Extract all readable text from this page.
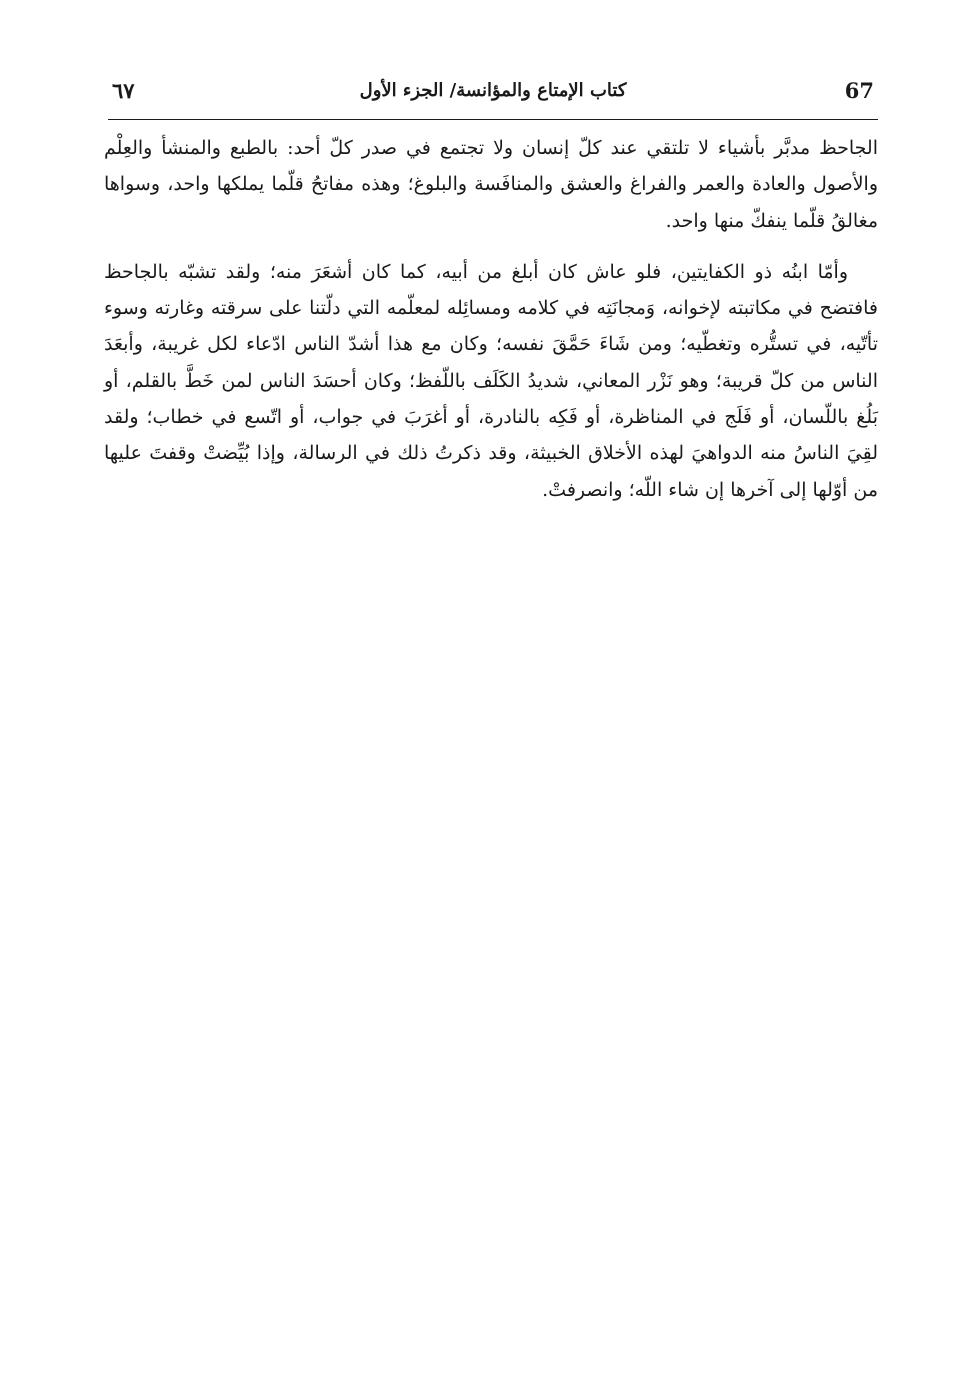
67
كتاب الإمتاع والمؤانسة/ الجزء الأول
٦٧

الجاحظ مدبَّر بأشياء لا تلتقي عند كلّ إنسان ولا تجتمع في صدر كلّ أحد: بالطبع والمنشأ والعِلْم والأصول والعادة والعمر والفراغ والعشق والمنافَسة والبلوغ؛ وهذه مفاتحُ قلّما يملكها واحد، وسواها مغالقُ قلّما ينفكّ منها واحد.

وأمّا ابنُه ذو الكفايتين، فلو عاش كان أبلغ من أبيه، كما كان أشعَرَ منه؛ ولقد تشبّه بالجاحظ فافتضح في مكاتبته لإخوانه، وَمجانَتِه في كلامه ومسائِله لمعلّمه التي دلّتنا على سرقته وغارته وسوء تأتّيه، في تستُّره وتغطّيه؛ ومن شَاءَ حَمَّقَ نفسه؛ وكان مع هذا أشدّ الناس ادّعاء لكل غريبة، وأبعَدَ الناس من كلّ قريبة؛ وهو نَزْر المعاني، شديدُ الكَلَف باللّفظ؛ وكان أحسَدَ الناس لمن خَطَّ بالقلم، أو بَلُغ باللّسان، أو فَلَج في المناظرة، أو فَكِه بالنادرة، أو أغرَبَ في جواب، أو اتّسع في خطاب؛ ولقد لقِيَ الناسُ منه الدواهيَ لهذه الأخلاق الخبيثة، وقد ذكرتُ ذلك في الرسالة، وإذا بُيِّضتْ وقفتَ عليها من أوّلها إلى آخرها إن شاء اللّه؛ وانصرفتْ.
